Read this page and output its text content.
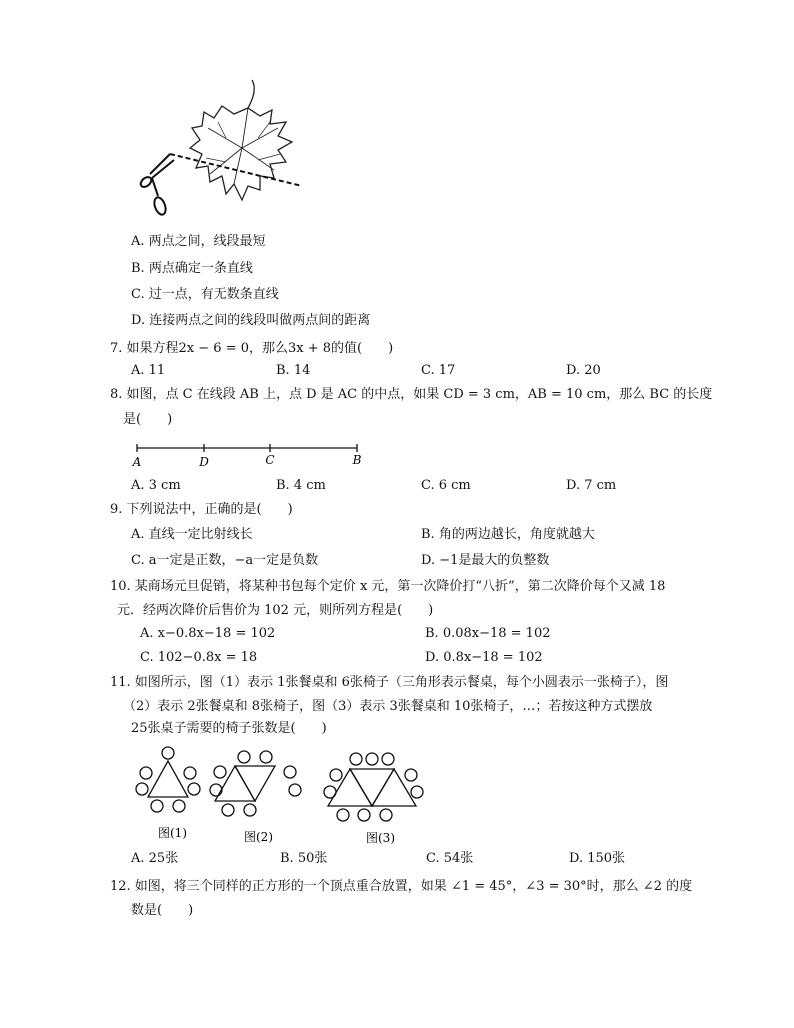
A. 两点之间，线段最短
B. 两点确定一条直线
C. 过一点，有无数条直线
D. 连接两点之间的线段叫做两点间的距离
7. 如果方程2x − 6 = 0，那么3x + 8的值(　　)
A. 11	B. 14	C. 17	D. 20
8. 如图，点 C 在线段 AB 上，点 D 是 AC 的中点，如果 CD = 3 cm，AB = 10 cm，那么 BC 的长度
是(　　)
A	D	C	B
A. 3 cm	B. 4 cm	C. 6 cm	D. 7 cm
9. 下列说法中，正确的是(　　)
A. 直线一定比射线长	B. 角的两边越长，角度就越大
C. a一定是正数，−a一定是负数	D. −1是最大的负整数
10. 某商场元旦促销，将某种书包每个定价 x 元，第一次降价打“八折”，第二次降价每个又减 18
元．经两次降价后售价为 102 元，则所列方程是(　　)
A. x−0.8x−18 = 102	B. 0.08x−18 = 102
C. 102−0.8x = 18	D. 0.8x−18 = 102
11. 如图所示，图（1）表示 1张餐桌和 6张椅子（三角形表示餐桌，每个小圆表示一张椅子），图
（2）表示 2张餐桌和 8张椅子，图（3）表示 3张餐桌和 10张椅子，…；若按这种方式摆放
25张桌子需要的椅子张数是(　　)
图(1)	图(2)	图(3)
A. 25张	B. 50张	C. 54张	D. 150张
12. 如图，将三个同样的正方形的一个顶点重合放置，如果 ∠1 = 45°，∠3 = 30°时，那么 ∠2 的度
数是(　　)
